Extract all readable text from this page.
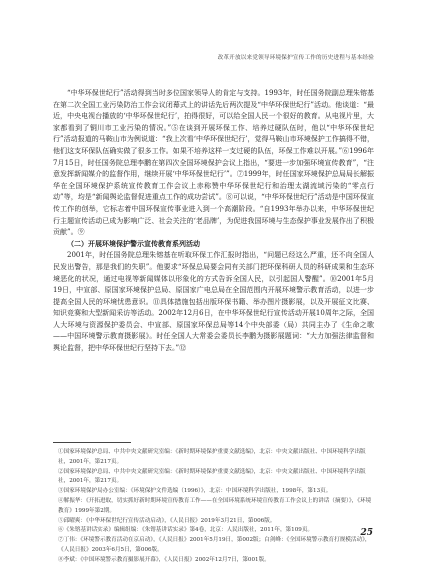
改革开放以来党领导环境保护宣传工作的历史进程与基本经验

“中华环保世纪行”活动得到当时多位国家领导人的肯定与支持。1993年，时任国务院副总理朱镕基在第二次全国工业污染防治工作会议闭幕式上的讲话先后两次提及“中华环保世纪行”活动。他谈道：“最近，中央电视台播放的‘中华环保世纪行’，拍得很好，可以给全国人民一个很好的教育。从电视片里，大家都看到了铜川市工业污染的情况。”⑤在谈到开展环保工作、培养过硬队伍时，他以“中华环保世纪行”活动报道的马鞍山市为例说道：“我上次看‘中华环保世纪行’，觉得马鞍山市环境保护工作搞得不错，他们这支环保队伍确实做了很多工作。如果不培养这样一支过硬的队伍，环保工作难以开展。”⑥1996年7月15日，时任国务院总理李鹏在第四次全国环境保护会议上指出，“要进一步加强环境宣传教育”，“注意发挥新闻媒介的监督作用，继续开展‘中华环保世纪行’”。⑦1999年，时任国家环境保护总局局长解振华在全国环境保护系统宣传教育工作会议上赤称赞中华环保世纪行和治理太湖流域污染的“零点行动”等，均是“新闻舆论监督促进重点工作的成功尝试”。⑧可以说，“中华环保世纪行”活动是中国环保宣传工作的创举，它标志着中国环保宣传事业进入到一个高潮阶段。“自1993年举办以来，中华环保世纪行主题宣传活动已成为影响广泛、社会关注的‘老品牌’，为促进我国环境与生态保护事业发展作出了积极贡献”。⑨

（二）开展环境保护警示宣传教育系列活动

2001年，时任国务院总理朱镕基在听取环保工作汇报时指出，“问题已经这么严重，还不向全国人民发出警告，那是我们的失职”。他要求“环保总局要会同有关部门把环保科研人员的科研成果和生态环境恶化的状况，通过电视等新闻媒体以形象化的方式告诉全国人民，以引起国人警醒”。⑩2001年5月19日，中宣部、原国家环境保护总局、原国家广电总局在全国范围内开展环境警示教育活动，以进一步提高全国人民的环境忧患意识。⑪具体措施包括出版环保书籍、举办图片摄影展，以及开展征文比赛、知识竞赛和大型新闻采访等活动。2002年12月6日，在中华环保世纪行宣传活动开展10周年之际，全国人大环境与资源保护委员会、中宣部、原国家环保总局等14个中央部委（局）共同主办了《生命之歌——中国环境警示教育摄影展》。时任全国人大常委会委员长李鹏为摄影展题词：“大力加强法律监督和舆论监督，把中华环保世纪行坚持下去。”⑫

①国家环境保护总局、中共中央文献研究室编：《新时期环境保护重要文献选编》，北京：中央文献出版社、中国环境科学出版社，2001年，第217页。

②国家环境保护总局、中共中央文献研究室编：《新时期环境保护重要文献选编》，北京：中央文献出版社、中国环境科学出版社，2001年，第217页。

③国家环境保护局办公室编：《环境保护文件选编（1996）》，北京：中国环境科学出版社，1998年，第13页。

④解振华：《开拓进取，切实抓好新时期环境宣传教育工作——在全国环境系统环境宣传教育工作会议上的讲话（摘要）》，《环境教育》1999年第2期。

⑤邱曜爽：《中华环保世纪行宣传活动启动》，《人民日报》2019年3月21日，第006版。

⑥《朱镕基讲话实录》编辑组编：《朱镕基讲话实录》第4卷，北京：人民出版社，2011年，第109页。

⑦丁伟：《环境警示教育活动在京启动》，《人民日报》2001年5月19日，第002版；白剑峰：《全国环境警示教育打规模活动》，《人民日报》2003年6月5日，第006版。

⑧李斌：《中国环境警示教育摄影展开幕》，《人民日报》2002年12月7日，第001版。

25
